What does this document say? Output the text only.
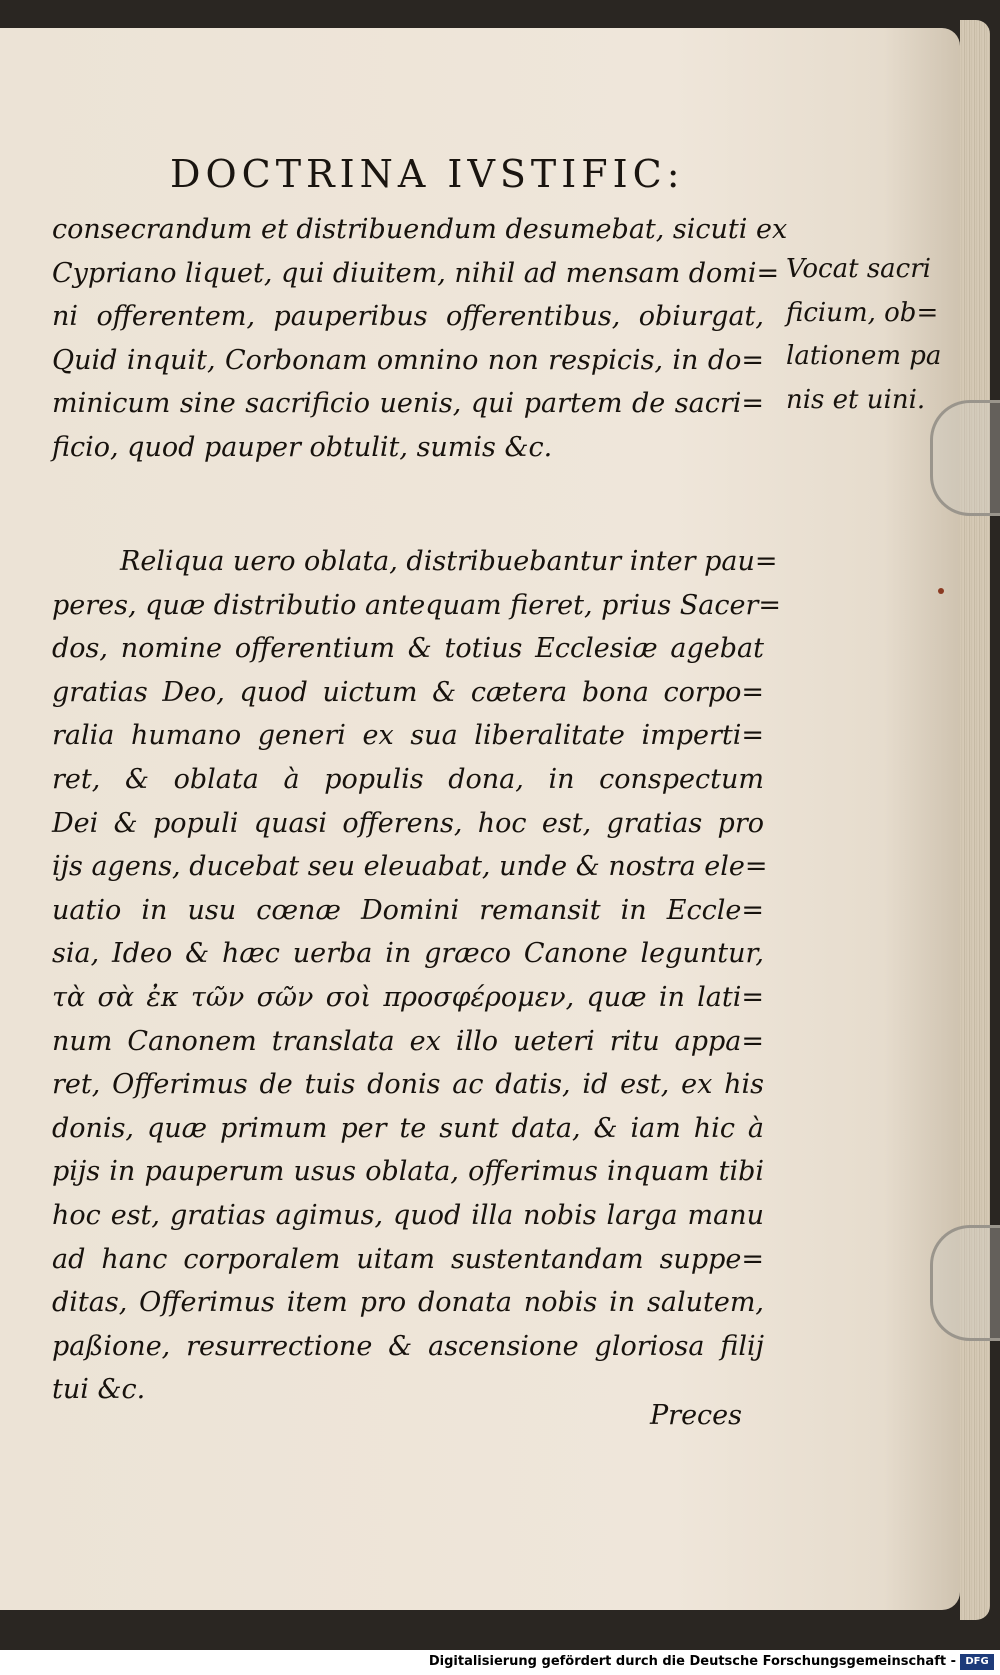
DOCTRINA IVSTIFIC:
consecrandum et distribuendum desumebat, sicuti ex
Cypriano liquet, qui diuitem, nihil ad mensam domi=
ni offerentem, pauperibus offerentibus, obiurgat,
Quid inquit, Corbonam omnino non respicis, in do=
minicum sine sacrificio uenis, qui partem de sacri=
ficio, quod pauper obtulit, sumis &c.
Reliqua uero oblata, distribuebantur inter pau=
peres, quæ distributio antequam fieret, prius Sacer=
dos, nomine offerentium & totius Ecclesiæ agebat
gratias Deo, quod uictum & cætera bona corpo=
ralia humano generi ex sua liberalitate imperti=
ret, & oblata à populis dona, in conspectum
Dei & populi quasi offerens, hoc est, gratias pro
ijs agens, ducebat seu eleuabat, unde & nostra ele=
uatio in usu cœnæ Domini remansit in Eccle=
sia, Ideo & hæc uerba in græco Canone leguntur,
τὰ σὰ ἐκ τῶν σῶν σοὶ προσφέρομεν, quæ in lati=
num Canonem translata ex illo ueteri ritu appa=
ret, Offerimus de tuis donis ac datis, id est, ex his
donis, quæ primum per te sunt data, & iam hic à
pijs in pauperum usus oblata, offerimus inquam tibi
hoc est, gratias agimus, quod illa nobis larga manu
ad hanc corporalem uitam sustentandam suppe=
ditas, Offerimus item pro donata nobis in salutem,
paßione, resurrectione & ascensione gloriosa filij
tui &c.
Preces
Vocat sacri
ficium, ob=
lationem pa
nis et uini.
Digitalisierung gefördert durch die Deutsche Forschungsgemeinschaft - DFG
